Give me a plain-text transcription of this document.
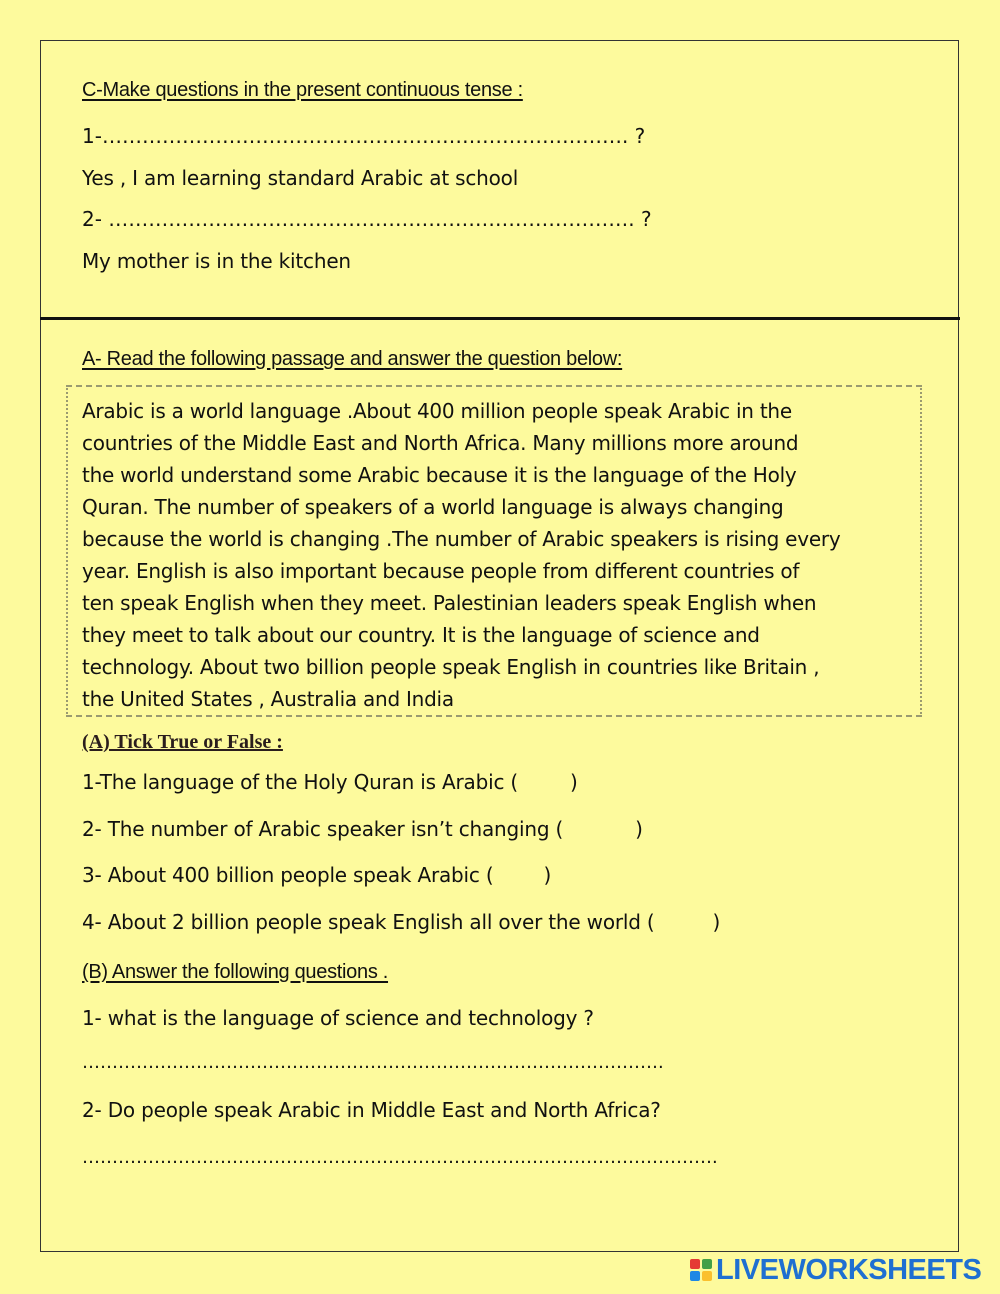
C-Make questions in the present continuous tense :
1-……………………………………………………………………. ?
Yes , I am learning standard Arabic at school
2- ……………………………………………………………………. ?
My mother is in the kitchen
A- Read the following passage and answer the question below:
Arabic is a world language .About 400 million people speak Arabic in the
countries of the Middle East and North Africa. Many millions more around
the world understand some Arabic because it is the language of the Holy
Quran. The number of speakers of a world language is always changing
because the world is changing .The number of Arabic speakers is rising every
year. English is also important because people from different countries of
ten speak English when they meet. Palestinian leaders speak English when
they meet to talk about our country. It is the language of science and
technology. About two billion people speak English in countries like Britain ,
the United States , Australia and India
(A) Tick True or False :
1-The language of the Holy Quran is Arabic (	)
2- The number of Arabic speaker isn’t changing (	)
3- About 400 billion people speak Arabic (	)
4- About 2 billion people speak English all over the world (	)
(B) Answer the following questions .
1- what is the language of science and technology ?
…………………………………………………………………………………….
2- Do people speak Arabic in Middle East and North Africa?
…………………………………………………………………………………………….
LIVEWORKSHEETS
